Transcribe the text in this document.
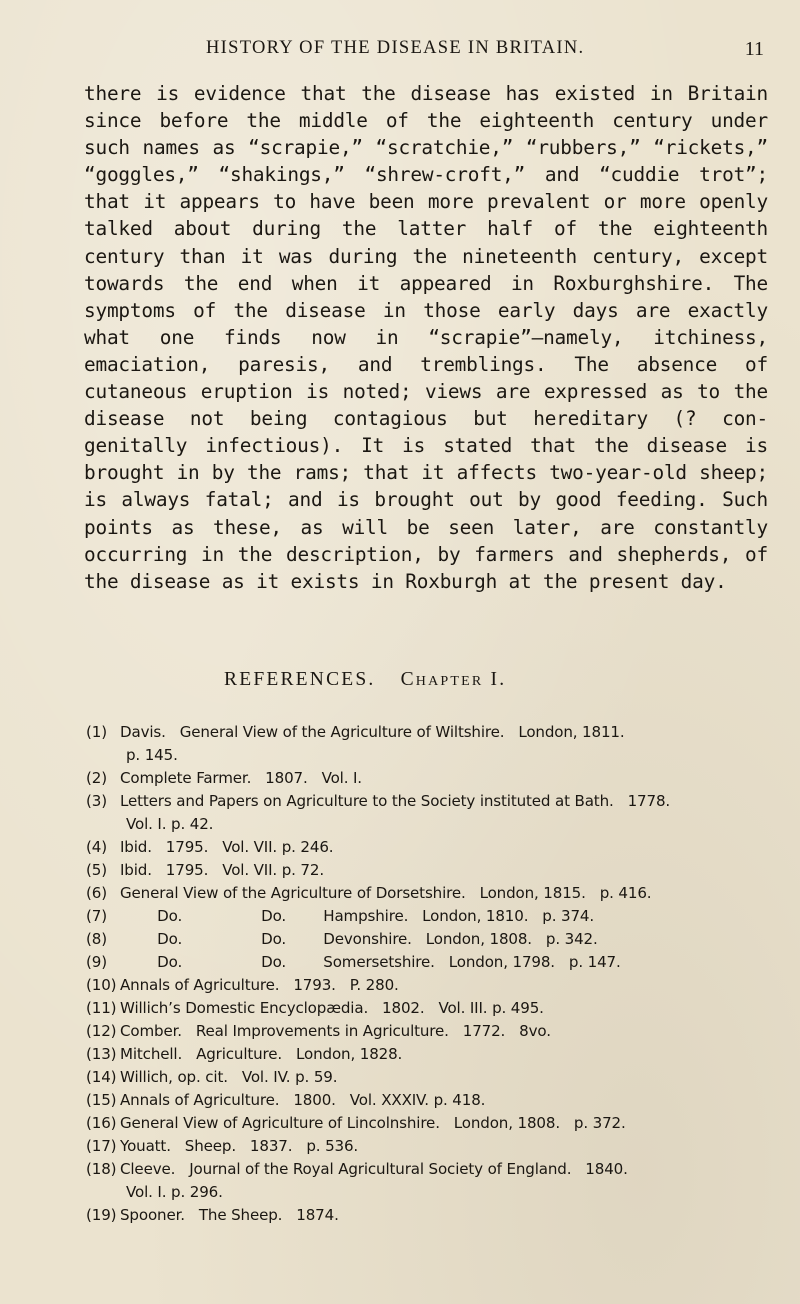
HISTORY OF THE DISEASE IN BRITAIN.	11

there is evidence that the disease has existed in Britain since before the middle of the eighteenth century under such names as “scrapie,” “scratchie,” “rubbers,” “rickets,” “goggles,” “shakings,” “shrew-croft,” and “cuddie trot”; that it appears to have been more prevalent or more openly talked about during the latter half of the eighteenth century than it was during the nineteenth century, except towards the end when it appeared in Roxburghshire. The symptoms of the disease in those early days are exactly what one finds now in “scrapie”—namely, itchiness, emaciation, paresis, and tremblings. The absence of cutaneous eruption is noted; views are expressed as to the disease not being contagious but hereditary (? con-genitally infectious). It is stated that the disease is brought in by the rams; that it affects two-year-old sheep; is always fatal; and is brought out by good feeding. Such points as these, as will be seen later, are constantly occurring in the description, by farmers and shepherds, of the disease as it exists in Roxburgh at the present day.

REFERENCES. Chapter I.
(1) Davis.   General View of the Agriculture of Wiltshire.   London, 1811.
p. 145.
(2) Complete Farmer.   1807.   Vol. I.
(3) Letters and Papers on Agriculture to the Society instituted at Bath.   1778.
Vol. I. p. 42.
(4) Ibid.   1795.   Vol. VII. p. 246.
(5) Ibid.   1795.   Vol. VII. p. 72.
(6) General View of the Agriculture of Dorsetshire.   London, 1815.   p. 416.
(7) Do.                 Do.        Hampshire.   London, 1810.   p. 374.
(8) Do.                 Do.        Devonshire.   London, 1808.   p. 342.
(9) Do.                 Do.        Somersetshire.   London, 1798.   p. 147.
(10) Annals of Agriculture.   1793.   P. 280.
(11) Willich’s Domestic Encyclopædia.   1802.   Vol. III. p. 495.
(12) Comber.   Real Improvements in Agriculture.   1772.   8vo.
(13) Mitchell.   Agriculture.   London, 1828.
(14) Willich, op. cit.   Vol. IV. p. 59.
(15) Annals of Agriculture.   1800.   Vol. XXXIV. p. 418.
(16) General View of Agriculture of Lincolnshire.   London, 1808.   p. 372.
(17) Youatt.   Sheep.   1837.   p. 536.
(18) Cleeve.   Journal of the Royal Agricultural Society of England.   1840.
Vol. I. p. 296.
(19) Spooner.   The Sheep.   1874.
